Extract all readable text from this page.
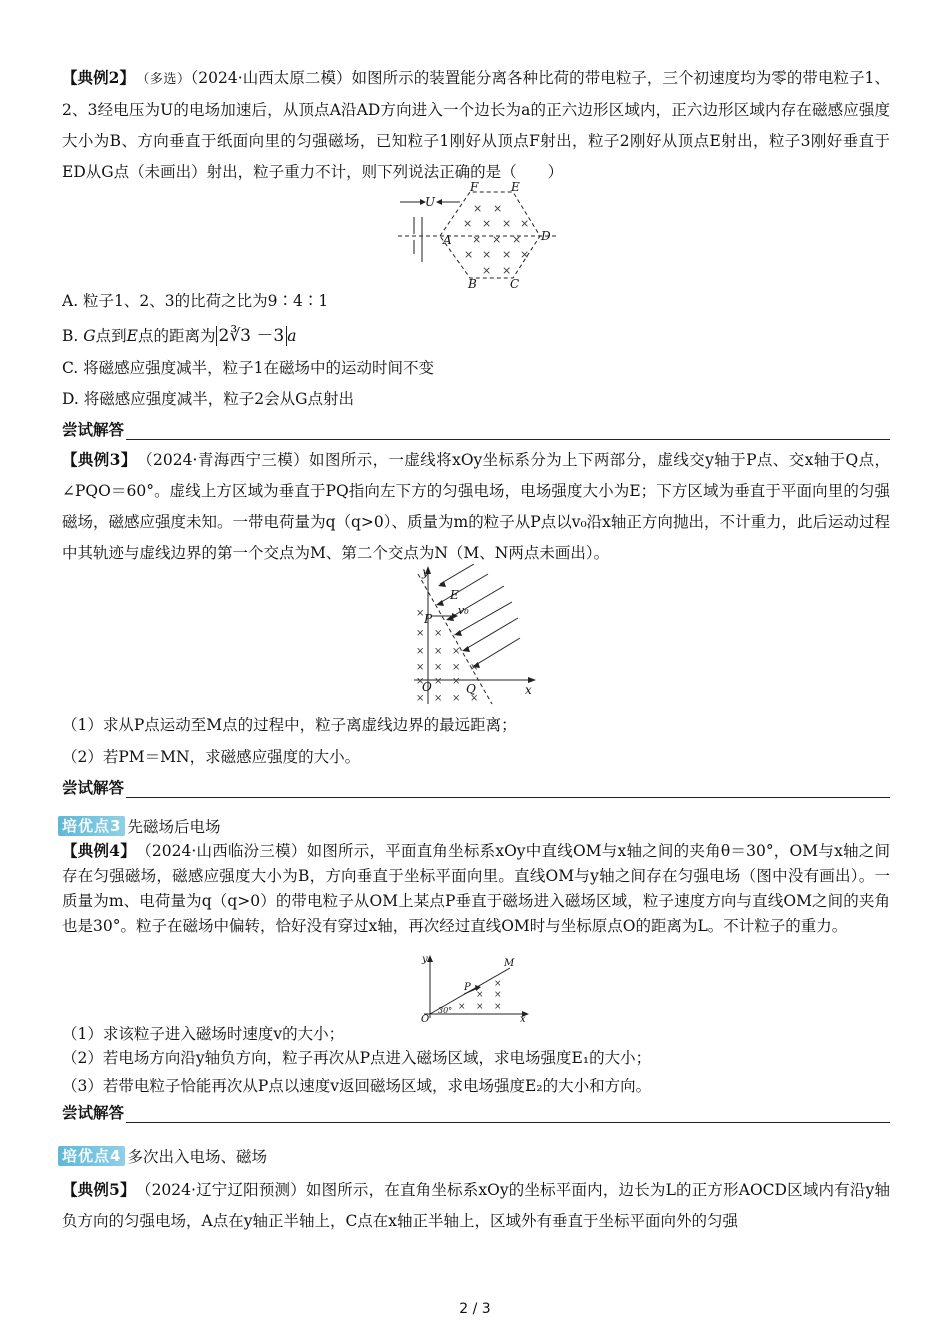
【典例2】　 （多选）（2024·山西太原二模）如图所示的装置能分离各种比荷的带电粒子，三个初速度均为零的带电粒子1、2、3经电压为U的电场加速后，从顶点A沿AD方向进入一个边长为a的正六边形区域内，正六边形区域内存在磁感应强度大小为B、方向垂直于纸面向里的匀强磁场，已知粒子1刚好从顶点F射出，粒子2刚好从顶点E射出，粒子3刚好垂直于ED从G点（未画出）射出，粒子重力不计，则下列说法正确的是（　　）

× ×
× × × ×
× × ×
× × × ×
× ×
U
A
B	C
D
E
F

A. 粒子1、2、3的比荷之比为9∶4∶1

B. G点到E点的距离为 2∛3 －3 a

C. 将磁感应强度减半，粒子1在磁场中的运动时间不变

D. 将磁感应强度减半，粒子2会从G点射出

尝试解答

【典例3】　 （2024·青海西宁三模）如图所示，一虚线将xOy坐标系分为上下两部分，虚线交y轴于P点、交x轴于Q点，∠PQO＝60°。虚线上方区域为垂直于PQ指向左下方的匀强电场，电场强度大小为E；下方区域为垂直于平面向里的匀强磁场，磁感应强度未知。一带电荷量为q（q>0）、质量为m的粒子从P点以v₀沿x轴正方向抛出，不计重力，此后运动过程中其轨迹与虚线边界的第一个交点为M、第二个交点为N（M、N两点未画出）。

×
× ×
× × ×
× × × ×
× × ×
× × × ×
y
x
E
P
v₀
O	Q

（1）求从P点运动至M点的过程中，粒子离虚线边界的最远距离；

（2）若PM＝MN，求磁感应强度的大小。

尝试解答
培优点3 先磁场后电场

【典例4】　 （2024·山西临汾三模）如图所示，平面直角坐标系xOy中直线OM与x轴之间的夹角θ＝30°，OM与x轴之间存在匀强磁场，磁感应强度大小为B，方向垂直于坐标平面向里。直线OM与y轴之间存在匀强电场（图中没有画出）。一质量为m、电荷量为q（q>0）的带电粒子从OM上某点P垂直于磁场进入磁场区域，粒子速度方向与直线OM之间的夹角也是30°。粒子在磁场中偏转，恰好没有穿过x轴，再次经过直线OM时与坐标原点O的距离为L。不计粒子的重力。

×
× ×
× × ×
y
x
M
P
O
30°

（1）求该粒子进入磁场时速度v的大小；

（2）若电场方向沿y轴负方向，粒子再次从P点进入磁场区域，求电场强度E₁的大小；

（3）若带电粒子恰能再次从P点以速度v返回磁场区域，求电场强度E₂的大小和方向。

尝试解答
培优点4 多次出入电场、磁场

【典例5】　 （2024·辽宁辽阳预测）如图所示，在直角坐标系xOy的坐标平面内，边长为L的正方形AOCD区域内有沿y轴负方向的匀强电场，A点在y轴正半轴上，C点在x轴正半轴上，区域外有垂直于坐标平面向外的匀强

2 / 3
